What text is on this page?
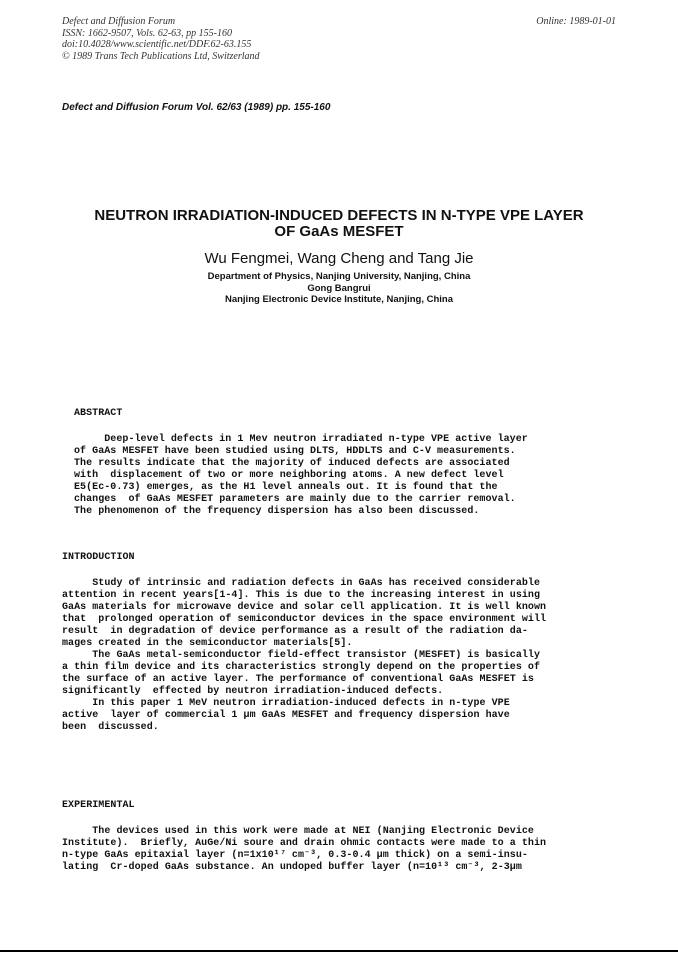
Defect and Diffusion Forum
ISSN: 1662-9507, Vols. 62-63, pp 155-160
doi:10.4028/www.scientific.net/DDF.62-63.155
© 1989 Trans Tech Publications Ltd, Switzerland
Online: 1989-01-01
Defect and Diffusion Forum Vol. 62/63 (1989) pp. 155-160
NEUTRON IRRADIATION-INDUCED DEFECTS IN N-TYPE VPE LAYER
OF GaAs MESFET
Wu Fengmei, Wang Cheng and Tang Jie
Department of Physics, Nanjing University, Nanjing, China
Gong Bangrui
Nanjing Electronic Device Institute, Nanjing, China
ABSTRACT
Deep-level defects in 1 Mev neutron irradiated n-type VPE active layer
of GaAs MESFET have been studied using DLTS, HDDLTS and C-V measurements.
The results indicate that the majority of induced defects are associated
with  displacement of two or more neighboring atoms. A new defect level
E5(Ec-0.73) emerges, as the H1 level anneals out. It is found that the
changes  of GaAs MESFET parameters are mainly due to the carrier removal.
The phenomenon of the frequency dispersion has also been discussed.
INTRODUCTION
Study of intrinsic and radiation defects in GaAs has received considerable
attention in recent years[1-4]. This is due to the increasing interest in using
GaAs materials for microwave device and solar cell application. It is well known
that  prolonged operation of semiconductor devices in the space environment will
result  in degradation of device performance as a result of the radiation da-
mages created in the semiconductor materials[5].
The GaAs metal-semiconductor field-effect transistor (MESFET) is basically
a thin film device and its characteristics strongly depend on the properties of
the surface of an active layer. The performance of conventional GaAs MESFET is
significantly  effected by neutron irradiation-induced defects.
In this paper 1 MeV neutron irradiation-induced defects in n-type VPE
active  layer of commercial 1 μm GaAs MESFET and frequency dispersion have
been  discussed.
EXPERIMENTAL
The devices used in this work were made at NEI (Nanjing Electronic Device
Institute).  Briefly, AuGe/Ni soure and drain ohmic contacts were made to a thin
n-type GaAs epitaxial layer (n=1x10¹⁷ cm⁻³, 0.3-0.4 μm thick) on a semi-insu-
lating  Cr-doped GaAs substance. An undoped buffer layer (n=10¹³ cm⁻³, 2-3μm
